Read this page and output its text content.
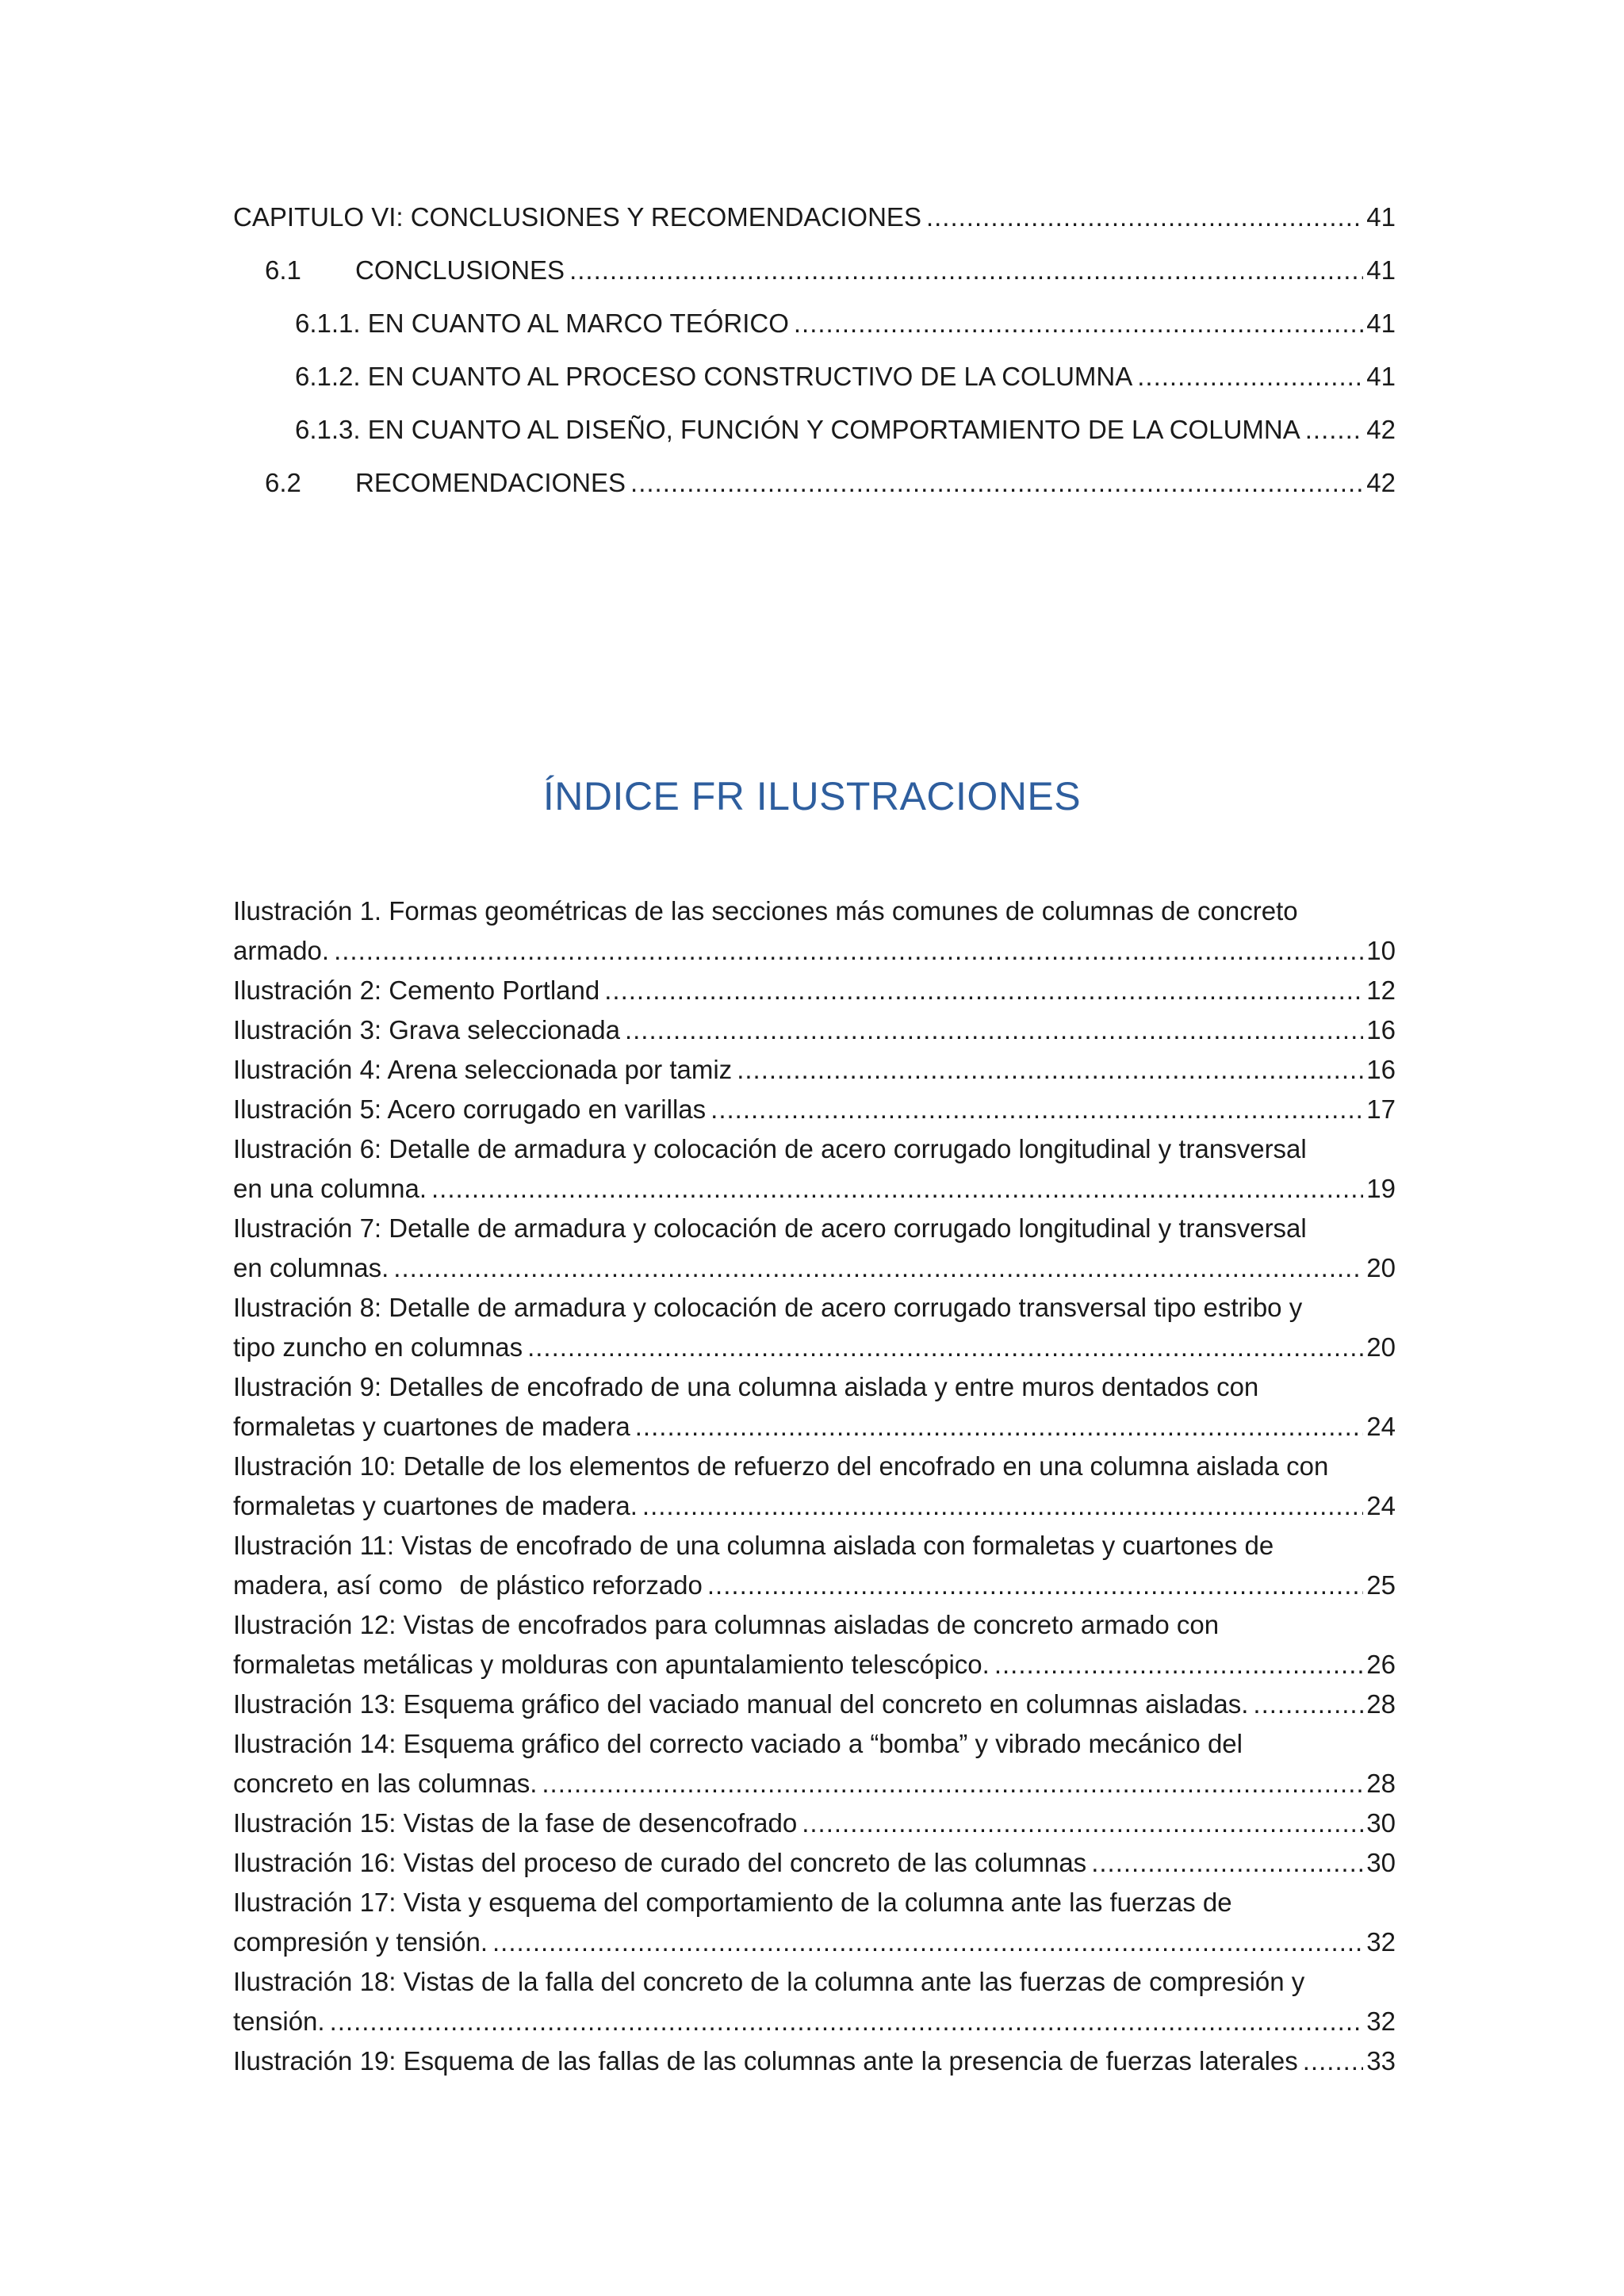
CAPITULO VI: CONCLUSIONES Y RECOMENDACIONES .....	41
6.1	CONCLUSIONES .....	41
6.1.1. EN CUANTO AL MARCO TEÓRICO .....	41
6.1.2. EN CUANTO AL PROCESO CONSTRUCTIVO DE LA COLUMNA .....	41
6.1.3. EN CUANTO AL DISEÑO, FUNCIÓN Y COMPORTAMIENTO DE LA COLUMNA .....	42
6.2	RECOMENDACIONES .....	42
ÍNDICE FR ILUSTRACIONES
Ilustración 1. Formas geométricas de las secciones más comunes de columnas de concreto
armado. .....	10
Ilustración 2: Cemento Portland .....	12
Ilustración 3: Grava seleccionada .....	16
Ilustración 4: Arena seleccionada por tamiz .....	16
Ilustración 5: Acero corrugado en varillas .....	17
Ilustración 6: Detalle de armadura y colocación de acero corrugado longitudinal y transversal
en una columna. .....	19
Ilustración 7: Detalle de armadura y colocación de acero corrugado longitudinal y transversal
en columnas. .....	20
Ilustración 8: Detalle de armadura y colocación de acero corrugado transversal tipo estribo y
tipo zuncho en columnas .....	20
Ilustración 9: Detalles de encofrado de una columna aislada y entre muros dentados con
formaletas y cuartones de madera .....	24
Ilustración 10: Detalle de los elementos de refuerzo del encofrado en una columna aislada con
formaletas y cuartones de madera. .....	24
Ilustración 11: Vistas de encofrado de una columna aislada con formaletas y cuartones de
madera, así como de plástico reforzado .....	25
Ilustración 12: Vistas de encofrados para columnas aisladas de concreto armado con
formaletas metálicas y molduras con apuntalamiento telescópico. .....	26
Ilustración 13: Esquema gráfico del vaciado manual del concreto en columnas aisladas. .....	28
Ilustración 14: Esquema gráfico del correcto vaciado a “bomba” y vibrado mecánico del
concreto en las columnas. .....	28
Ilustración 15: Vistas de la fase de desencofrado .....	30
Ilustración 16: Vistas del proceso de curado del concreto de las columnas .....	30
Ilustración 17: Vista y esquema del comportamiento de la columna ante las fuerzas de
compresión y tensión. .....	32
Ilustración 18: Vistas de la falla del concreto de la columna ante las fuerzas de compresión y
tensión. .....	32
Ilustración 19: Esquema de las fallas de las columnas ante la presencia de fuerzas laterales .....	33
